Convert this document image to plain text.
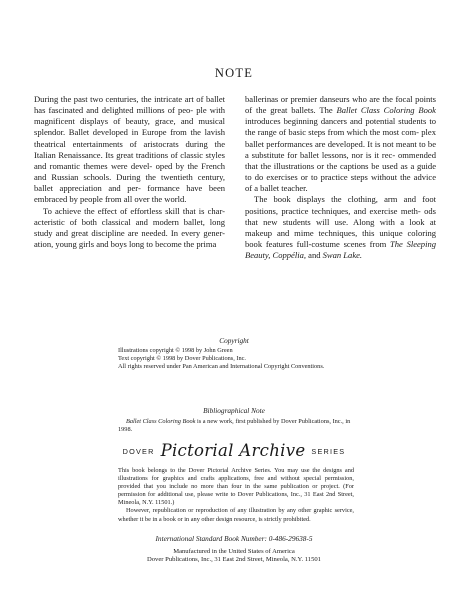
NOTE

During the past two centuries, the intricate art of ballet has fascinated and delighted millions of peo- ple with magnificent displays of beauty, grace, and musical splendor. Ballet developed in Europe from the lavish theatrical entertainments of aristocrats during the Italian Renaissance. Its great traditions of classic styles and romantic themes were devel- oped by the French and Russian schools. During the twentieth century, ballet appreciation and per- formance have been embraced by people from all over the world.

To achieve the effect of effortless skill that is char- acteristic of both classical and modern ballet, long study and great discipline are needed. In every gener- ation, young girls and boys long to become the prima

ballerinas or premier danseurs who are the focal points of the great ballets. The Ballet Class Coloring Book introduces beginning dancers and potential students to the range of basic steps from which the most com- plex ballet performances are developed. It is not meant to be a substitute for ballet lessons, nor is it rec- ommended that the illustrations or the captions be used as a guide to do exercises or to practice steps without the advice of a ballet teacher.

The book displays the clothing, arm and foot positions, practice techniques, and exercise meth- ods that new students will use. Along with a look at makeup and mime techniques, this unique coloring book features full-costume scenes from The Sleeping Beauty, Coppélia, and Swan Lake.

Copyright
Illustrations copyright © 1998 by John Green
Text copyright © 1998 by Dover Publications, Inc.
All rights reserved under Pan American and International Copyright Conventions.
Bibliographical Note

Ballet Class Coloring Book is a new work, first published by Dover Publications, Inc., in 1998.

DOVER Pictorial Archive SERIES

This book belongs to the Dover Pictorial Archive Series. You may use the designs and illustrations for graphics and crafts applications, free and without special permission, provided that you include no more than four in the same publication or project. (For permission for additional use, please write to Dover Publications, Inc., 31 East 2nd Street, Mineola, N.Y. 11501.)

However, republication or reproduction of any illustration by any other graphic service, whether it be in a book or in any other design resource, is strictly prohibited.

International Standard Book Number: 0-486-29638-5
Manufactured in the United States of America
Dover Publications, Inc., 31 East 2nd Street, Mineola, N.Y. 11501
